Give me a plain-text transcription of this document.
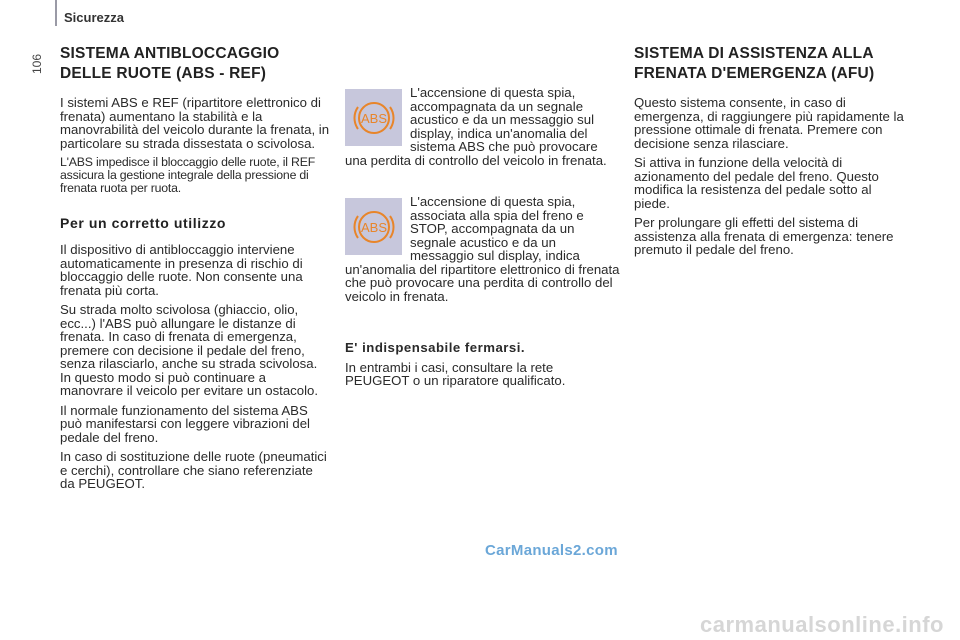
Sicurezza
106
SISTEMA ANTIBLOCCAGGIO DELLE RUOTE (ABS - REF)

I sistemi ABS e REF (ripartitore elettronico di frenata) aumentano la stabilità e la manovrabilità del veicolo durante la frenata, in particolare su strada dissestata o scivolosa.

L'ABS impedisce il bloccaggio delle ruote, il REF assicura la gestione integrale della pressione di frenata ruota per ruota.

Per un corretto utilizzo

Il dispositivo di antibloccaggio interviene automaticamente in presenza di rischio di bloccaggio delle ruote. Non consente una frenata più corta.

Su strada molto scivolosa (ghiaccio, olio, ecc...) l'ABS può allungare le distanze di frenata. In caso di frenata di emergenza, premere con decisione il pedale del freno, senza rilasciarlo, anche su strada scivolosa. In questo modo si può continuare a manovrare il veicolo per evitare un ostacolo.

Il normale funzionamento del sistema ABS può manifestarsi con leggere vibrazioni del pedale del freno.

In caso di sostituzione delle ruote (pneumatici e cerchi), controllare che siano referenziate da PEUGEOT.

ABS

L'accensione di questa spia, accompagnata da un segnale acustico e da un messaggio sul display, indica un'anomalia del sistema ABS che può provocare una perdita di controllo del veicolo in frenata.

ABS

L'accensione di questa spia, associata alla spia del freno e STOP, accompagnata da un segnale acustico e da un messaggio sul display, indica un'anomalia del ripartitore elettronico di frenata che può provocare una perdita di controllo del veicolo in frenata.

E' indispensabile fermarsi.

In entrambi i casi, consultare la rete PEUGEOT o un riparatore qualificato.

SISTEMA DI ASSISTENZA ALLA FRENATA D'EMERGENZA (AFU)

Questo sistema consente, in caso di emergenza, di raggiungere più rapidamente la pressione ottimale di frenata. Premere con decisione senza rilasciare.

Si attiva in funzione della velocità di azionamento del pedale del freno. Questo modifica la resistenza del pedale sotto al piede.

Per prolungare gli effetti del sistema di assistenza alla frenata di emergenza: tenere premuto il pedale del freno.

CarManuals2.com
carmanualsonline.info
